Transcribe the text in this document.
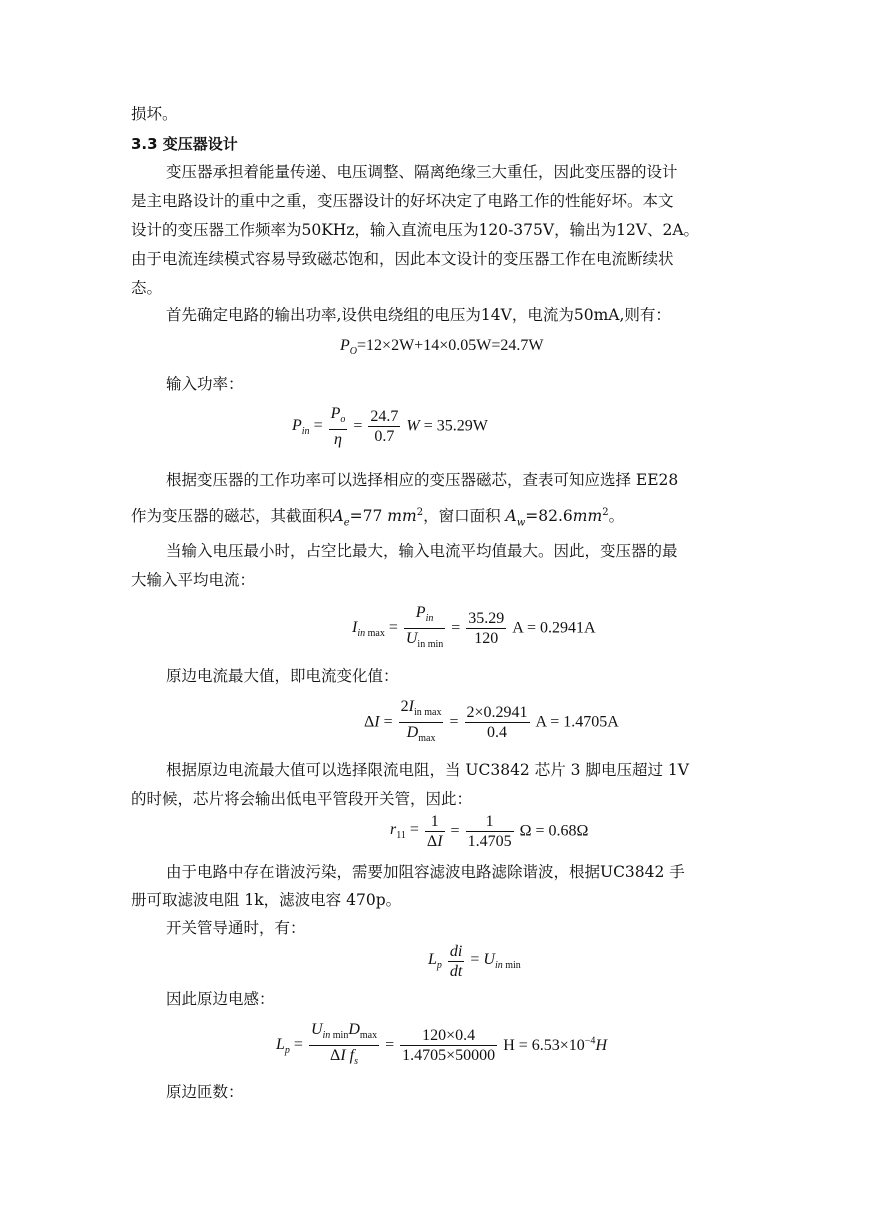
损坏。
3.3 变压器设计
变压器承担着能量传递、电压调整、隔离绝缘三大重任，因此变压器的设计
是主电路设计的重中之重，变压器设计的好坏决定了电路工作的性能好坏。本文
设计的变压器工作频率为50KHz，输入直流电压为120-375V，输出为12V、2A。
由于电流连续模式容易导致磁芯饱和，因此本文设计的变压器工作在电流断续状
态。
首先确定电路的输出功率,设供电绕组的电压为14V，电流为50mA,则有：
$P_O=12\times 2W+14\times 0.05W=24.7W$
输入功率：
$P_{in} = \frac{P_o}{\eta} = \frac{24.7}{0.7}$ W = 35.29W
根据变压器的工作功率可以选择相应的变压器磁芯，查表可知应选择 EE28
作为变压器的磁芯，其截面积$A_e=77$ $mm^2$，窗口面积 $A_w=82.6mm^2$。
当输入电压最小时，占空比最大，输入电流平均值最大。因此，变压器的最
大输入平均电流：
$I_{in max} = \frac{P_{in}}{U_{in min}} = \frac{35.29}{120}$ A = 0.2941A
原边电流最大值，即电流变化值：
$\Delta I = \frac{2I_{in max}}{D_{max}} = \frac{2\times 0.2941}{0.4}$ A = 1.4705A
根据原边电流最大值可以选择限流电阻，当 UC3842 芯片 3 脚电压超过 1V
的时候，芯片将会输出低电平管段开关管，因此：
$r_{11} = \frac{1}{\Delta I} = \frac{1}{1.4705}$ Ω = 0.68Ω
由于电路中存在谐波污染，需要加阻容滤波电路滤除谐波，根据UC3842 手
册可取滤波电阻 1k，滤波电容 470p。
开关管导通时，有：
$L_p \frac{di}{dt} = U_{in min}$
因此原边电感：
$L_p = \frac{U_{in min}D_{max}}{\Delta I f_s} = \frac{120\times 0.4}{1.4705\times 50000}$ $H = 6.53\times 10^{-4}H$
原边匝数：
